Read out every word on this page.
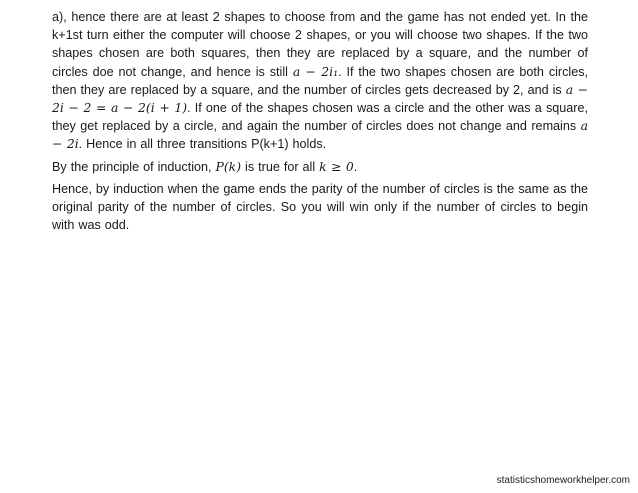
a), hence there are at least 2 shapes to choose from and the game has not ended yet. In the k+1st turn either the computer will choose 2 shapes, or you will choose two shapes. If the two shapes chosen are both squares, then they are replaced by a square, and the number of circles doe not change, and hence is still a − 2i₁. If the two shapes chosen are both circles, then they are replaced by a square, and the number of circles gets decreased by 2, and is a − 2i − 2 = a − 2(i + 1). If one of the shapes chosen was a circle and the other was a square, they get replaced by a circle, and again the number of circles does not change and remains a − 2i. Hence in all three transitions P(k+1) holds.

By the principle of induction, P(k) is true for all k ≥ 0.

Hence, by induction when the game ends the parity of the number of circles is the same as the original parity of the number of circles. So you will win only if the number of circles to begin with was odd.

statisticshomeworkhelper.com
